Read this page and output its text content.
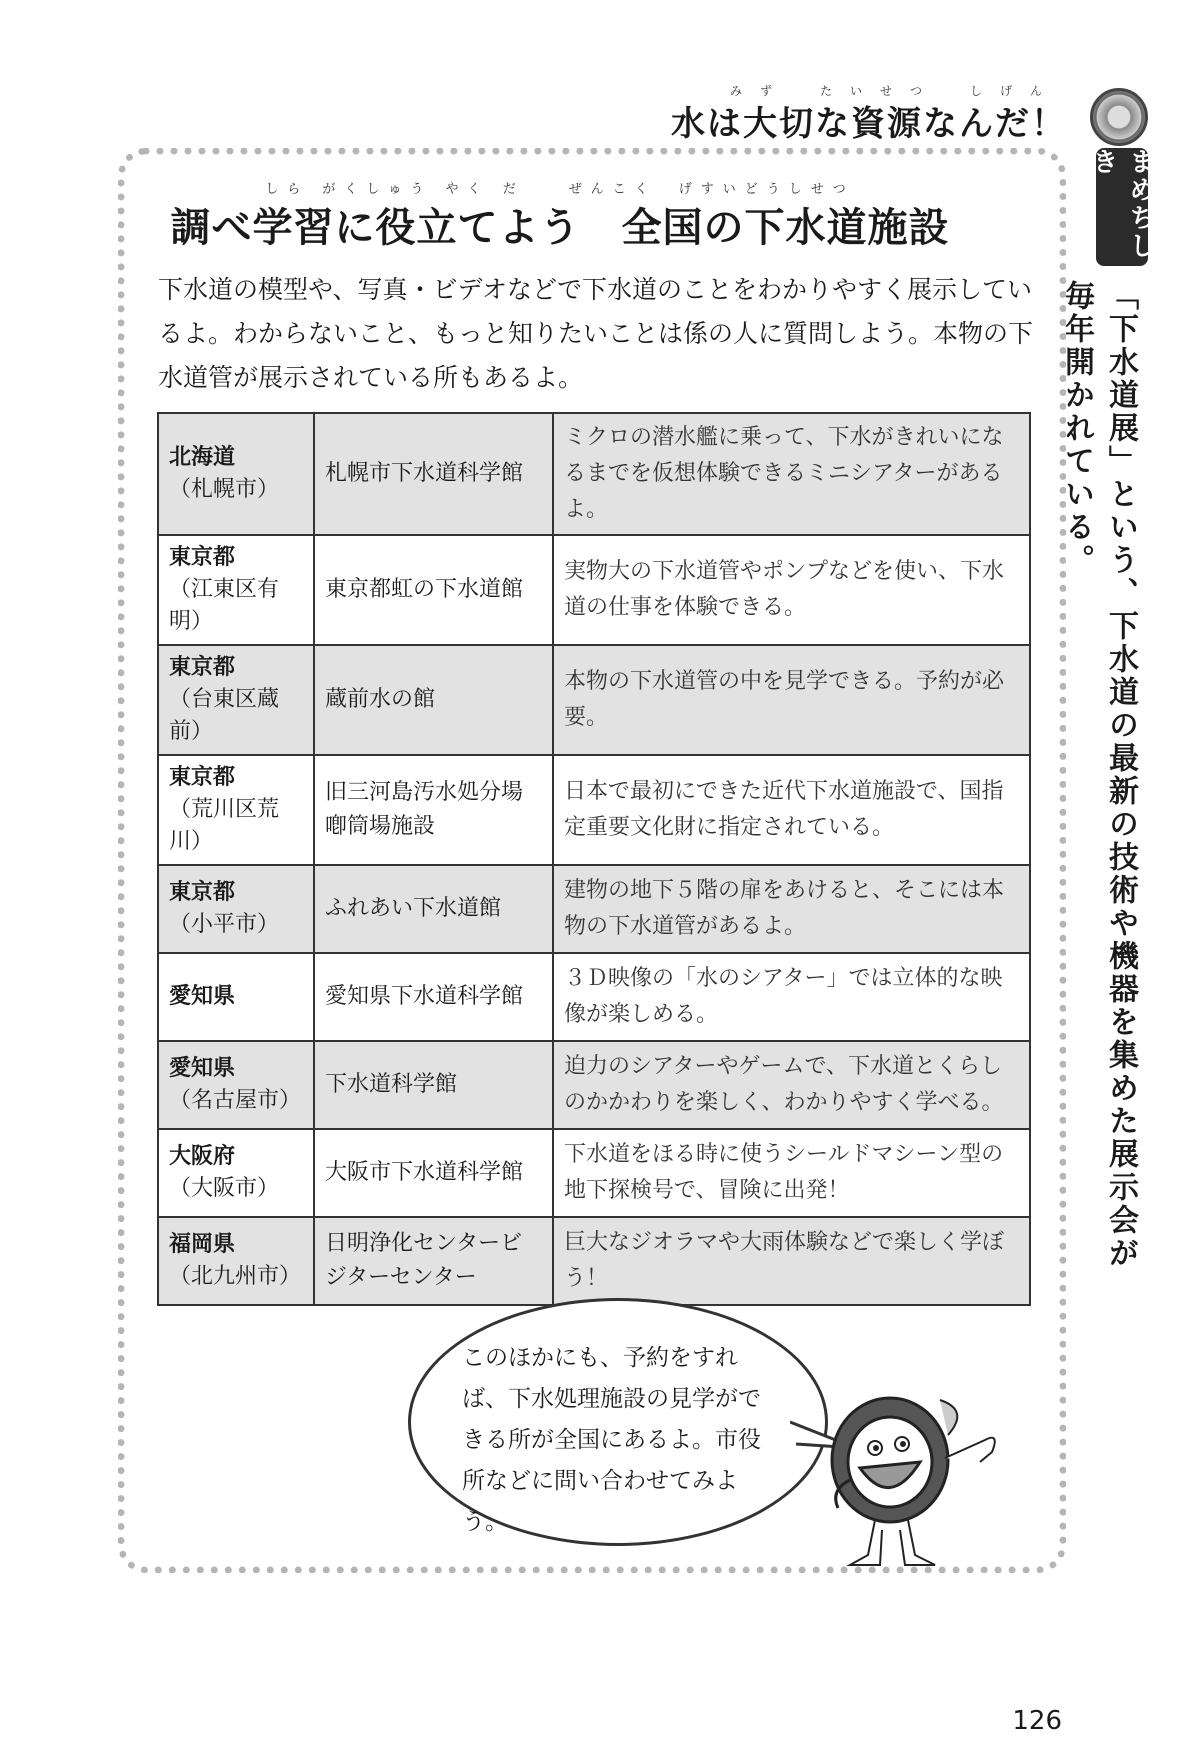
みず　たいせつ　しげん
水は大切な資源なんだ！
まめちしき
「下水道展」という、下水道の最新の技術や機器を集めた展示会が毎年開かれている。
しら がくしゅう やく だ　　ぜんこく　げすいどうしせつ
調べ学習に役立てよう　全国の下水道施設
下水道の模型や、写真・ビデオなどで下水道のことをわかりやすく展示しているよ。わからないこと、もっと知りたいことは係の人に質問しよう。本物の下水道管が展示されている所もあるよ。
北海道
（札幌市）	札幌市下水道科学館	ミクロの潜水艦に乗って、下水がきれいになるまでを仮想体験できるミニシアターがあるよ。
東京都
（江東区有明）	東京都虹の下水道館	実物大の下水道管やポンプなどを使い、下水道の仕事を体験できる。
東京都
（台東区蔵前）	蔵前水の館	本物の下水道管の中を見学できる。予約が必要。
東京都
（荒川区荒川）	旧三河島汚水処分場喞筒場施設	日本で最初にできた近代下水道施設で、国指定重要文化財に指定されている。
東京都
（小平市）	ふれあい下水道館	建物の地下５階の扉をあけると、そこには本物の下水道管があるよ。
愛知県	愛知県下水道科学館	３Ｄ映像の「水のシアター」では立体的な映像が楽しめる。
愛知県
（名古屋市）	下水道科学館	迫力のシアターやゲームで、下水道とくらしのかかわりを楽しく、わかりやすく学べる。
大阪府
（大阪市）	大阪市下水道科学館	下水道をほる時に使うシールドマシーン型の地下探検号で、冒険に出発！
福岡県
（北九州市）	日明浄化センタービジターセンター	巨大なジオラマや大雨体験などで楽しく学ぼう！
このほかにも、予約をすれば、下水処理施設の見学ができる所が全国にあるよ。市役所などに問い合わせてみよう。
126
